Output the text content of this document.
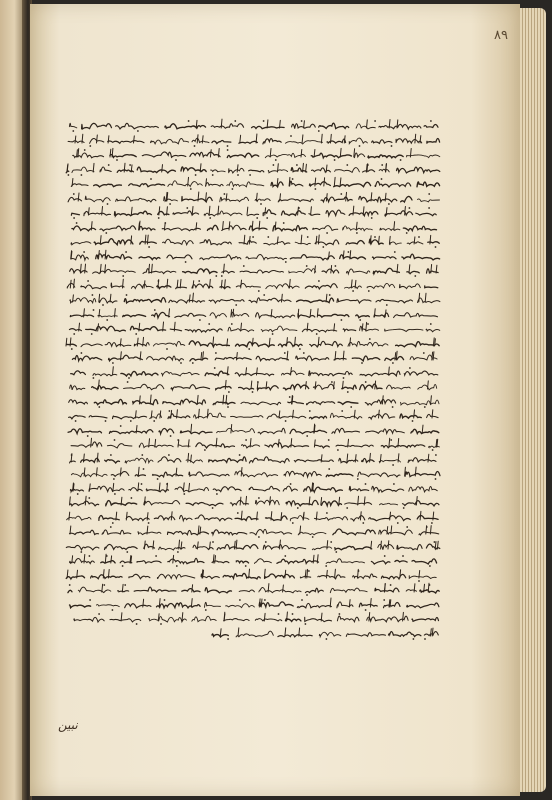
٨٩
نبين
